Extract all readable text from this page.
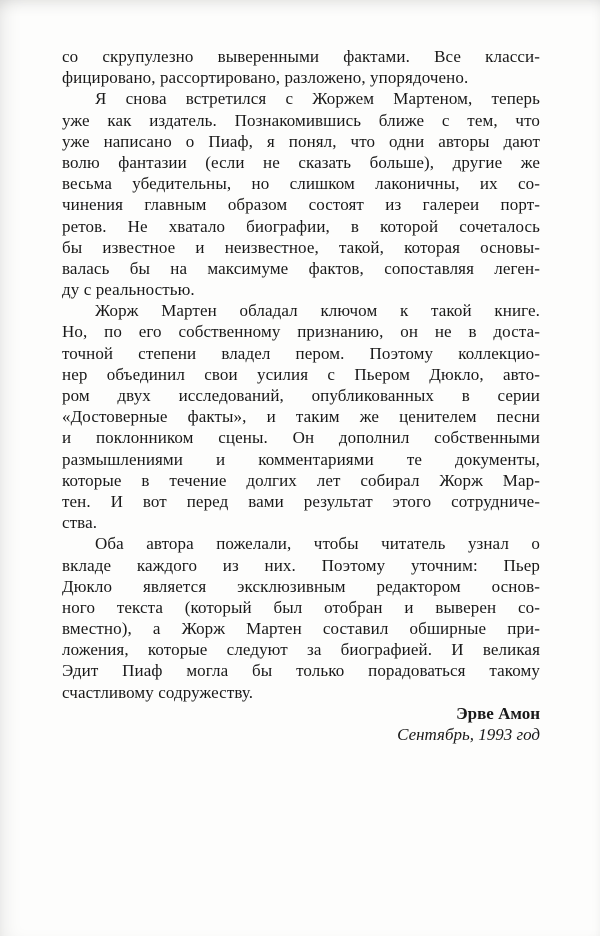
со скрупулезно выверенными фактами. Все класси-
фицировано, рассортировано, разложено, упорядочено.
Я снова встретился с Жоржем Мартеном, теперь
уже как издатель. Познакомившись ближе с тем, что
уже написано о Пиаф, я понял, что одни авторы дают
волю фантазии (если не сказать больше), другие же
весьма убедительны, но слишком лаконичны, их со-
чинения главным образом состоят из галереи порт-
ретов. Не хватало биографии, в которой сочеталось
бы известное и неизвестное, такой, которая основы-
валась бы на максимуме фактов, сопоставляя леген-
ду с реальностью.
Жорж Мартен обладал ключом к такой книге.
Но, по его собственному признанию, он не в доста-
точной степени владел пером. Поэтому коллекцио-
нер объединил свои усилия с Пьером Дюкло, авто-
ром двух исследований, опубликованных в серии
«Достоверные факты», и таким же ценителем песни
и поклонником сцены. Он дополнил собственными
размышлениями и комментариями те документы,
которые в течение долгих лет собирал Жорж Мар-
тен. И вот перед вами результат этого сотрудниче-
ства.
Оба автора пожелали, чтобы читатель узнал о
вкладе каждого из них. Поэтому уточним: Пьер
Дюкло является эксклюзивным редактором основ-
ного текста (который был отобран и выверен со-
вместно), а Жорж Мартен составил обширные при-
ложения, которые следуют за биографией. И великая
Эдит Пиаф могла бы только порадоваться такому
счастливому содружеству.
Эрве Амон
Сентябрь, 1993 год
